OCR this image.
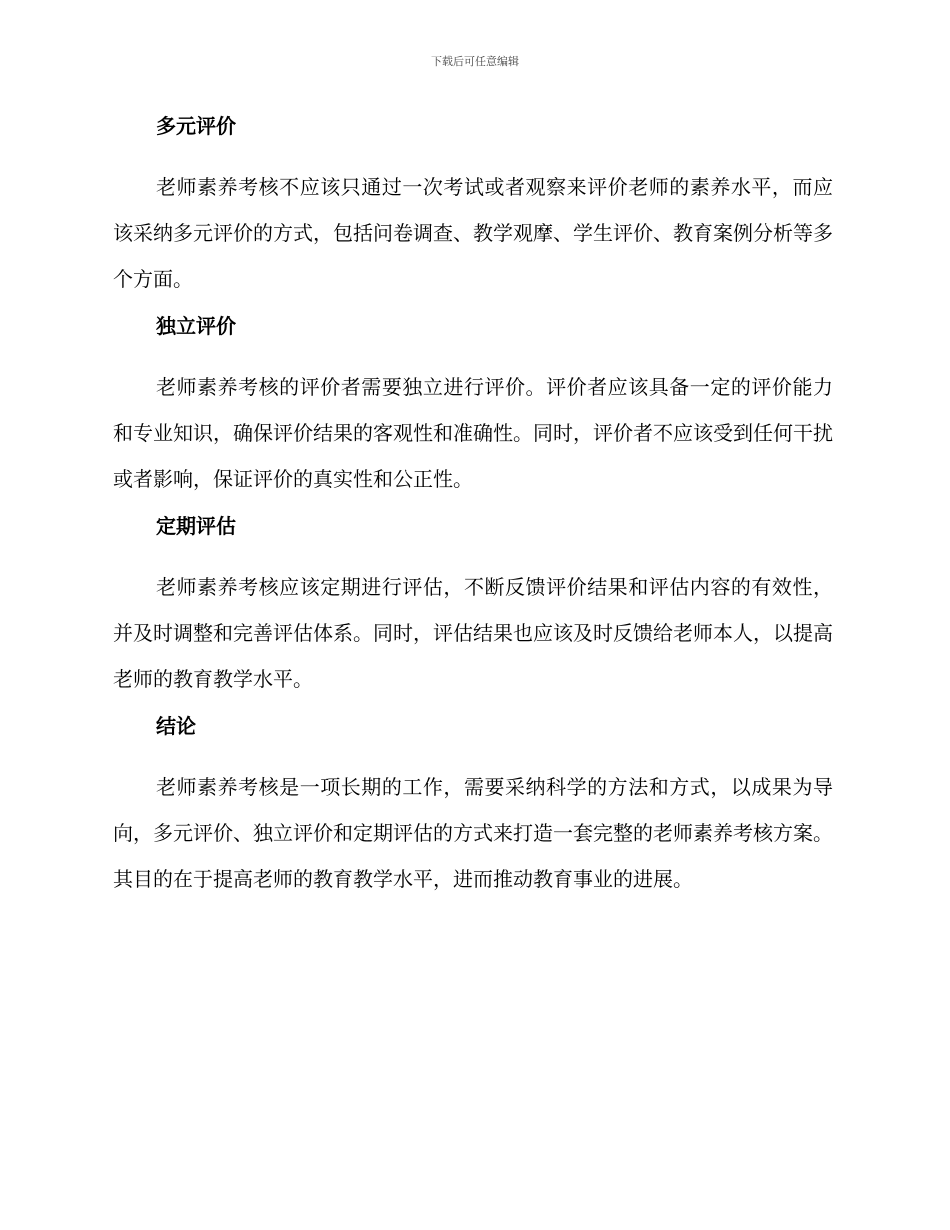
下载后可任意编辑
多元评价

老师素养考核不应该只通过一次考试或者观察来评价老师的素养水平，而应该采纳多元评价的方式，包括问卷调查、教学观摩、学生评价、教育案例分析等多个方面。

独立评价

老师素养考核的评价者需要独立进行评价。评价者应该具备一定的评价能力和专业知识，确保评价结果的客观性和准确性。同时，评价者不应该受到任何干扰或者影响，保证评价的真实性和公正性。

定期评估

老师素养考核应该定期进行评估，不断反馈评价结果和评估内容的有效性，并及时调整和完善评估体系。同时，评估结果也应该及时反馈给老师本人，以提高老师的教育教学水平。

结论

老师素养考核是一项长期的工作，需要采纳科学的方法和方式，以成果为导向，多元评价、独立评价和定期评估的方式来打造一套完整的老师素养考核方案。其目的在于提高老师的教育教学水平，进而推动教育事业的进展。
